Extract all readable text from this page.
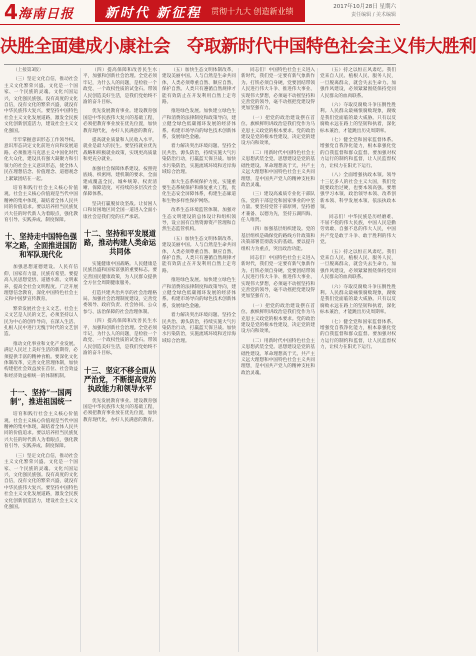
4 海南日报 新时代 新征程 贯彻十九大 创造新业绩	2017年10月28日 星期六
责任编辑 / 美术编辑
决胜全面建成小康社会　夺取新时代中国特色社会主义伟大胜利

（上接第3版）

（三）坚定文化自信，推动社会主义文化繁荣兴盛。文化是一个国家、一个民族的灵魂。文化兴国运兴，文化强民族强。没有高度的文化自信，没有文化的繁荣兴盛，就没有中华民族伟大复兴。要坚持中国特色社会主义文化发展道路，激发全民族文化创新创造活力，建设社会主义文化强国。

牢牢掌握意识形态工作领导权。意识形态决定文化前进方向和发展道路。必须推进马克思主义中国化时代化大众化，建设具有强大凝聚力和引领力的社会主义意识形态，使全体人民在理想信念、价值理念、道德观念上紧紧团结在一起。

培育和践行社会主义核心价值观。社会主义核心价值观是当代中国精神的集中体现，凝结着全体人民共同的价值追求。要以培养担当民族复兴大任的时代新人为着眼点，强化教育引导、实践养成、制度保障。

十、坚持走中国特色强军之路，全面推进国防和军队现代化

加强思想道德建设。人民有信仰，国家有力量，民族有希望。要提高人民思想觉悟、道德水准、文明素养，提高全社会文明程度。广泛开展理想信念教育，深化中国特色社会主义和中国梦宣传教育。

繁荣发展社会主义文艺。社会主义文艺是人民的文艺，必须坚持以人民为中心的创作导向，在深入生活、扎根人民中进行无愧于时代的文艺创造。

推动文化事业和文化产业发展。满足人民过上美好生活的新期待，必须提供丰富的精神食粮。要深化文化体制改革，完善文化管理体制，加快构建把社会效益放在首位、社会效益和经济效益相统一的体制机制。

十一、坚持“一国两制”，推进祖国统一

培育和践行社会主义核心价值观。社会主义核心价值观是当代中国精神的集中体现，凝结着全体人民共同的价值追求。要以培养担当民族复兴大任的时代新人为着眼点，强化教育引导、实践养成、制度保障。

（三）坚定文化自信，推动社会主义文化繁荣兴盛。文化是一个国家、一个民族的灵魂。文化兴国运兴，文化强民族强。没有高度的文化自信，没有文化的繁荣兴盛，就没有中华民族伟大复兴。要坚持中国特色社会主义文化发展道路，激发全民族文化创新创造活力，建设社会主义文化强国。

（四）提高保障和改善民生水平，加强和创新社会治理。全党必须牢记，为什么人的问题，是检验一个政党、一个政权性质的试金石。带领人民创造美好生活，是我们党始终不渝的奋斗目标。

优先发展教育事业。建设教育强国是中华民族伟大复兴的基础工程，必须把教育事业放在优先位置，加快教育现代化，办好人民满意的教育。

提高就业质量和人民收入水平。就业是最大的民生。要坚持就业优先战略和积极就业政策，实现更高质量和更充分就业。

加强社会保障体系建设。按照兜底线、织密网、建机制的要求，全面建成覆盖全民、城乡统筹、权责清晰、保障适度、可持续的多层次社会保障体系。

坚决打赢脱贫攻坚战。让贫困人口和贫困地区同全国一道进入全面小康社会是我们党的庄严承诺。

十二、坚持和平发展道路，推动构建人类命运共同体

实施健康中国战略。人民健康是民族昌盛和国家富强的重要标志。要完善国民健康政策，为人民群众提供全方位全周期健康服务。

打造共建共治共享的社会治理格局。加强社会治理制度建设，完善党委领导、政府负责、社会协同、公众参与、法治保障的社会治理体制。

（四）提高保障和改善民生水平，加强和创新社会治理。全党必须牢记，为什么人的问题，是检验一个政党、一个政权性质的试金石。带领人民创造美好生活，是我们党始终不渝的奋斗目标。

十三、坚定不移全面从严治党，不断提高党的执政能力和领导水平

优先发展教育事业。建设教育强国是中华民族伟大复兴的基础工程，必须把教育事业放在优先位置，加快教育现代化，办好人民满意的教育。

（五）加快生态文明体制改革，建设美丽中国。人与自然是生命共同体，人类必须尊重自然、顺应自然、保护自然。人类只有遵循自然规律才能有效防止在开发利用自然上走弯路。

推进绿色发展。加快建立绿色生产和消费的法律制度和政策导向，建立健全绿色低碳循环发展的经济体系。构建市场导向的绿色技术创新体系，发展绿色金融。

着力解决突出环境问题。坚持全民共治、源头防治，持续实施大气污染防治行动，打赢蓝天保卫战。加快水污染防治，实施流域环境和近岸海域综合治理。

加大生态系统保护力度。实施重要生态系统保护和修复重大工程，优化生态安全屏障体系，构建生态廊道和生物多样性保护网络。

改革生态环境监管体制。加强对生态文明建设的总体设计和组织领导，设立国有自然资源资产管理和自然生态监管机构。

（五）加快生态文明体制改革，建设美丽中国。人与自然是生命共同体，人类必须尊重自然、顺应自然、保护自然。人类只有遵循自然规律才能有效防止在开发利用自然上走弯路。

推进绿色发展。加快建立绿色生产和消费的法律制度和政策导向，建立健全绿色低碳循环发展的经济体系。构建市场导向的绿色技术创新体系，发展绿色金融。

着力解决突出环境问题。坚持全民共治、源头防治，持续实施大气污染防治行动，打赢蓝天保卫战。加快水污染防治，实施流域环境和近岸海域综合治理。

同志们！中国特色社会主义进入新时代，我们党一定要有新气象新作为。打铁必须自身硬。党要团结带领人民进行伟大斗争、推进伟大事业、实现伟大梦想，必须毫不动摇坚持和完善党的领导，毫不动摇把党建设得更加坚强有力。

（一）把党的政治建设摆在首位。旗帜鲜明讲政治是我们党作为马克思主义政党的根本要求。党的政治建设是党的根本性建设，决定党的建设方向和效果。

（二）用新时代中国特色社会主义思想武装全党。思想建设是党的基础性建设。革命理想高于天。共产主义远大理想和中国特色社会主义共同理想，是中国共产党人的精神支柱和政治灵魂。

（三）建设高素质专业化干部队伍。党的干部是党和国家事业的中坚力量。要坚持党管干部原则，坚持德才兼备、以德为先，坚持五湖四海、任人唯贤。

（四）加强基层组织建设。党的基层组织是确保党的路线方针政策和决策部署贯彻落实的基础。要以提升组织力为重点，突出政治功能。

同志们！中国特色社会主义进入新时代，我们党一定要有新气象新作为。打铁必须自身硬。党要团结带领人民进行伟大斗争、推进伟大事业、实现伟大梦想，必须毫不动摇坚持和完善党的领导，毫不动摇把党建设得更加坚强有力。

（一）把党的政治建设摆在首位。旗帜鲜明讲政治是我们党作为马克思主义政党的根本要求。党的政治建设是党的根本性建设，决定党的建设方向和效果。

（二）用新时代中国特色社会主义思想武装全党。思想建设是党的基础性建设。革命理想高于天。共产主义远大理想和中国特色社会主义共同理想，是中国共产党人的精神支柱和政治灵魂。

（五）持之以恒正风肃纪。我们党来自人民、植根人民、服务人民，一旦脱离群众，就会失去生命力。加强作风建设，必须紧紧围绕保持党同人民群众的血肉联系。

（六）夺取反腐败斗争压倒性胜利。人民群众最痛恨腐败现象，腐败是我们党面临的最大威胁。只有以反腐败永远在路上的坚韧和执着，深化标本兼治，才能跳出历史周期率。

（七）健全党和国家监督体系。增强党自我净化能力，根本靠强化党的自我监督和群众监督。要加强对权力运行的制约和监督，让人民监督权力，让权力在阳光下运行。

（八）全面增强执政本领。领导十三亿多人的社会主义大国，我们党既要政治过硬，也要本领高强。要增强学习本领、政治领导本领、改革创新本领、科学发展本领、依法执政本领。

同志们！中华民族是历经磨难、不屈不挠的伟大民族，中国人民是勤劳勇敢、自强不息的伟大人民，中国共产党是敢于斗争、敢于胜利的伟大党。

（五）持之以恒正风肃纪。我们党来自人民、植根人民、服务人民，一旦脱离群众，就会失去生命力。加强作风建设，必须紧紧围绕保持党同人民群众的血肉联系。

（六）夺取反腐败斗争压倒性胜利。人民群众最痛恨腐败现象，腐败是我们党面临的最大威胁。只有以反腐败永远在路上的坚韧和执着，深化标本兼治，才能跳出历史周期率。

（七）健全党和国家监督体系。增强党自我净化能力，根本靠强化党的自我监督和群众监督。要加强对权力运行的制约和监督，让人民监督权力，让权力在阳光下运行。
